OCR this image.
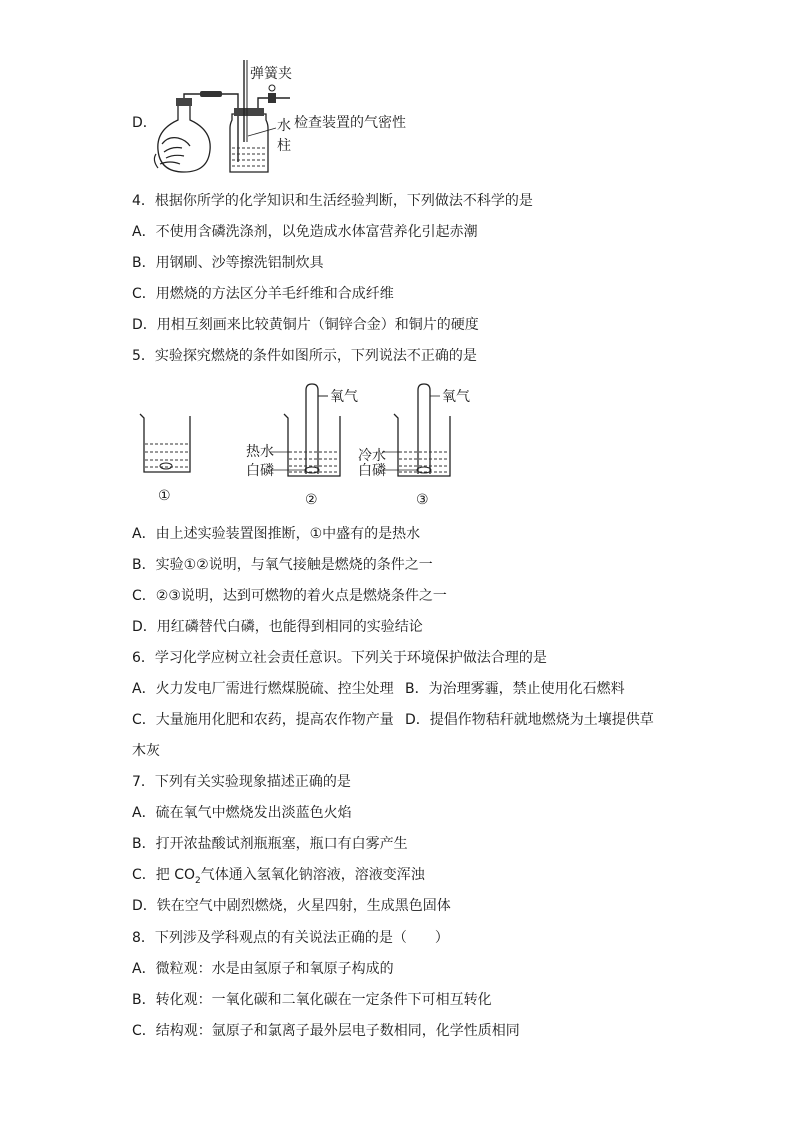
D．
弹簧夹
水
柱
检查装置的气密性
4．根据你所学的化学知识和生活经验判断，下列做法不科学的是
A．不使用含磷洗涤剂，以免造成水体富营养化引起赤潮
B．用钢刷、沙等擦洗铝制炊具
C．用燃烧的方法区分羊毛纤维和合成纤维
D．用相互刻画来比较黄铜片（铜锌合金）和铜片的硬度
5．实验探究燃烧的条件如图所示，下列说法不正确的是
①	②	③
氧气	氧气
热水
白磷
冷水
白磷
A．由上述实验装置图推断，①中盛有的是热水
B．实验①②说明，与氧气接触是燃烧的条件之一
C．②③说明，达到可燃物的着火点是燃烧条件之一
D．用红磷替代白磷，也能得到相同的实验结论
6．学习化学应树立社会责任意识。下列关于环境保护做法合理的是
A．火力发电厂需进行燃煤脱硫、控尘处理 B．为治理雾霾，禁止使用化石燃料
C．大量施用化肥和农药，提高农作物产量 D．提倡作物秸秆就地燃烧为土壤提供草
木灰
7．下列有关实验现象描述正确的是
A．硫在氧气中燃烧发出淡蓝色火焰
B．打开浓盐酸试剂瓶瓶塞，瓶口有白雾产生
C．把 $CO_2$气体通入氢氧化钠溶液，溶液变浑浊
D．铁在空气中剧烈燃烧，火星四射，生成黑色固体
8．下列涉及学科观点的有关说法正确的是（　　）
A．微粒观：水是由氢原子和氧原子构成的
B．转化观：一氧化碳和二氧化碳在一定条件下可相互转化
C．结构观：氩原子和氯离子最外层电子数相同，化学性质相同
